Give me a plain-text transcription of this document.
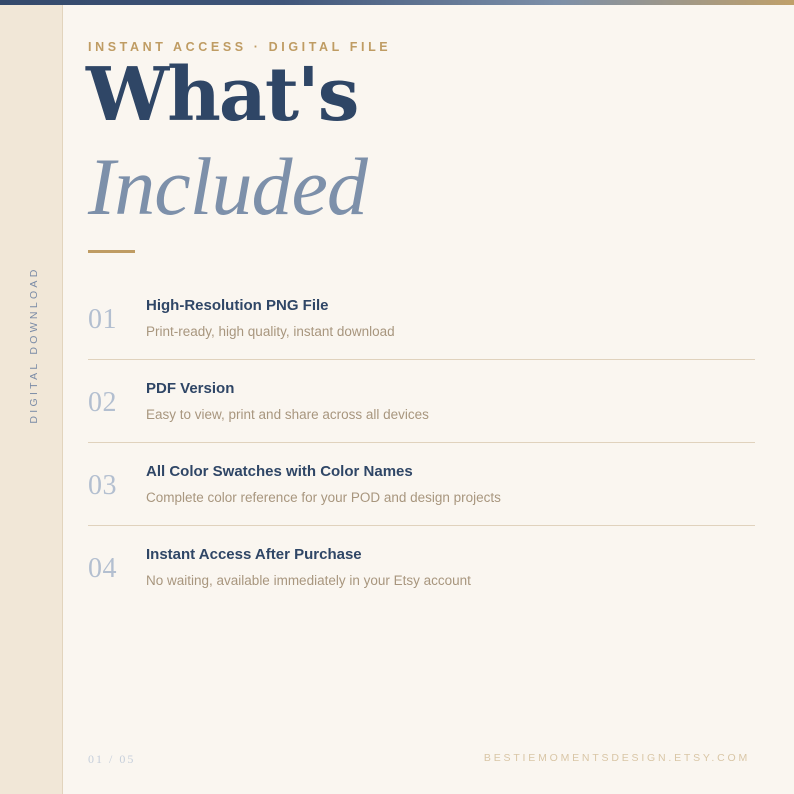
DIGITAL DOWNLOAD
INSTANT ACCESS · DIGITAL FILE
What's
Included
01 High-Resolution PNG File
Print-ready, high quality, instant download
02 PDF Version
Easy to view, print and share across all devices
03 All Color Swatches with Color Names
Complete color reference for your POD and design projects
04 Instant Access After Purchase
No waiting, available immediately in your Etsy account
01 / 05	BESTIEMOMENTSDESIGN.ETSY.COM
